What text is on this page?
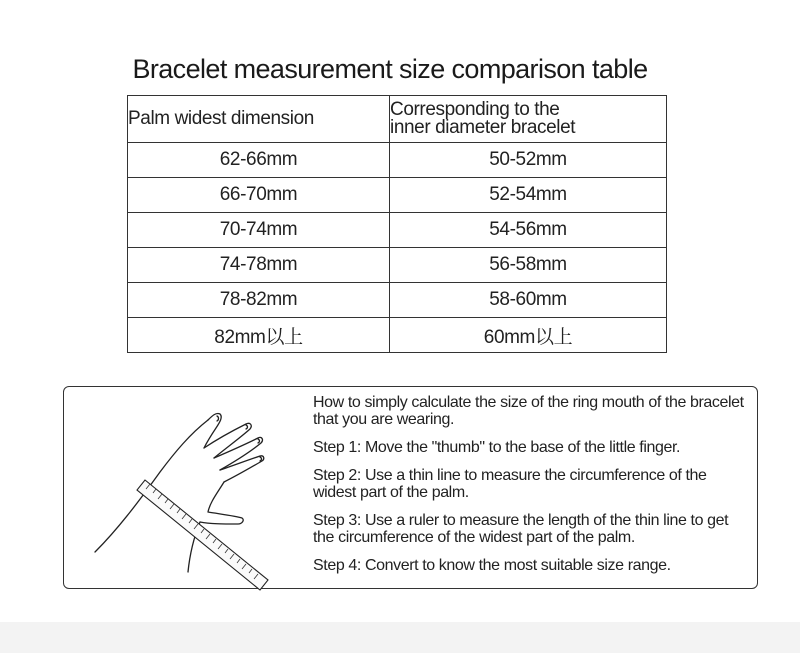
Bracelet measurement size comparison table
Palm widest dimension	Corresponding to the
inner diameter bracelet

62-66mm	50-52mm
66-70mm	52-54mm
70-74mm	54-56mm
74-78mm	56-58mm
78-82mm	58-60mm
82mm以上	60mm以上

How to simply calculate the size of the ring mouth of the bracelet that you are wearing.

Step 1: Move the "thumb" to the base of the little finger.

Step 2: Use a thin line to measure the circumference of the widest part of the palm.

Step 3: Use a ruler to measure the length of the thin line to get the circumference of the widest part of the palm.

Step 4: Convert to know the most suitable size range.
